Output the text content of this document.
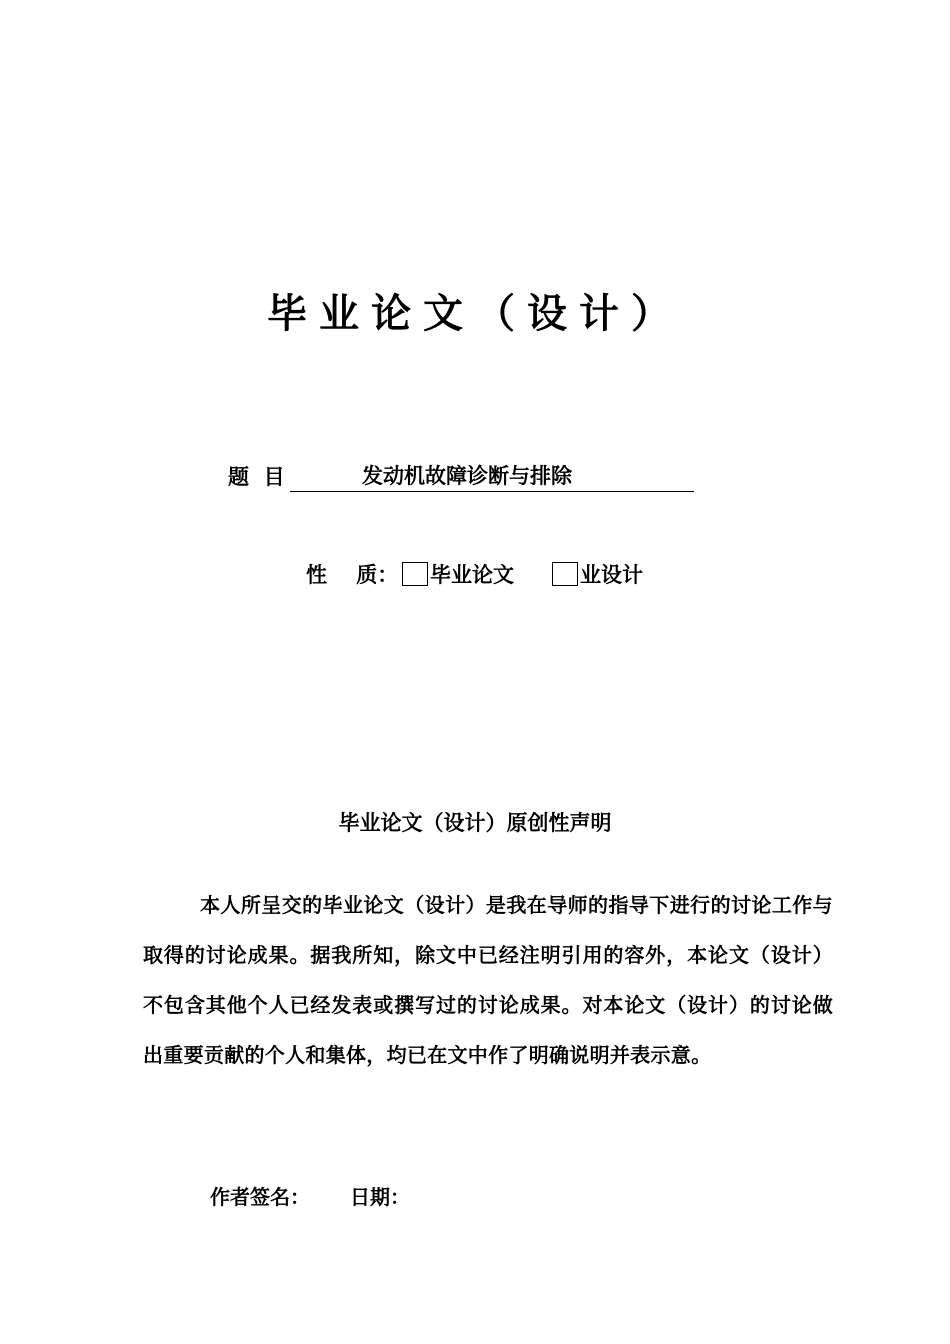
毕业论文（设计）
题  目	发动机故障诊断与排除
性    质： 毕业论文	业设计
毕业论文（设计）原创性声明

本人所呈交的毕业论文（设计）是我在导师的指导下进行的讨论工作与取得的讨论成果。据我所知，除文中已经注明引用的容外，本论文（设计）不包含其他个人已经发表或撰写过的讨论成果。对本论文（设计）的讨论做出重要贡献的个人和集体，均已在文中作了明确说明并表示意。

作者签名：	日期：
